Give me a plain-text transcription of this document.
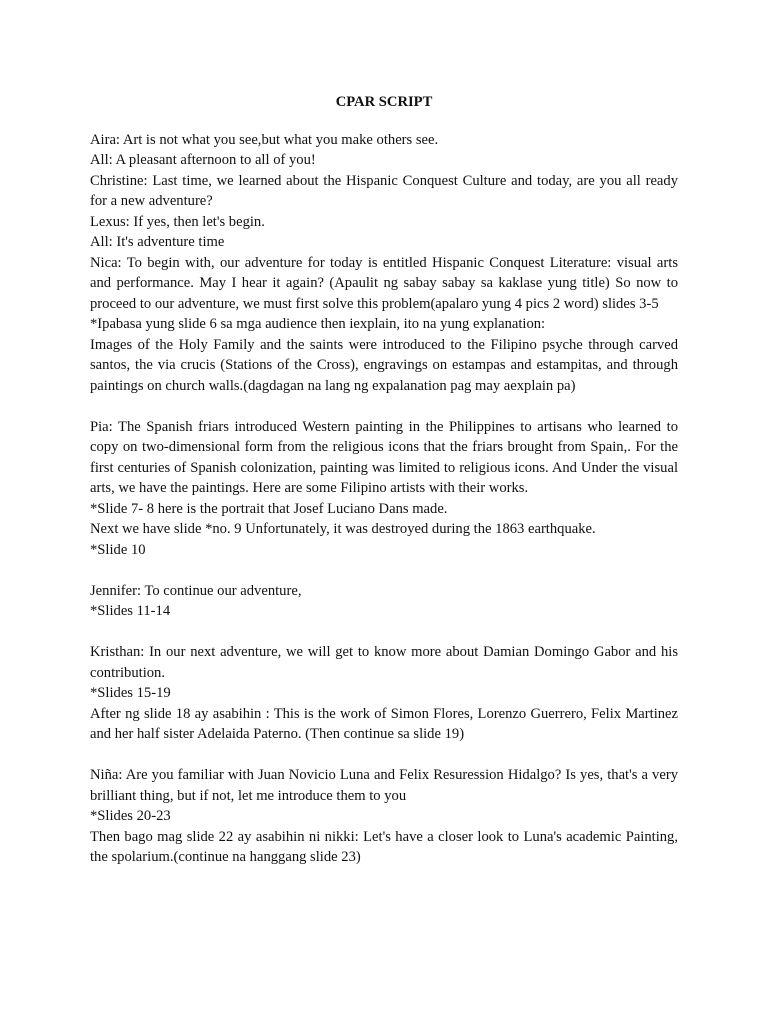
CPAR SCRIPT
Aira: Art is not what you see,but what you make others see.
All: A pleasant afternoon to all of you!
Christine: Last time, we learned about the Hispanic Conquest Culture and today, are you all ready for a new adventure?
Lexus: If yes, then let's begin.
All: It's adventure time
Nica: To begin with, our adventure for today is entitled Hispanic Conquest Literature: visual arts and performance. May I hear it again? (Apaulit ng sabay sabay sa kaklase yung title) So now to proceed to our adventure, we must first solve this problem(apalaro yung 4 pics 2 word) slides 3-5
*Ipabasa yung slide 6 sa mga audience then iexplain, ito na yung explanation:
Images of the Holy Family and the saints were introduced to the Filipino psyche through carved santos, the via crucis (Stations of the Cross), engravings on estampas and estampitas, and through paintings on church walls.(dagdagan na lang ng expalanation pag may aexplain pa)
Pia: The Spanish friars introduced Western painting in the Philippines to artisans who learned to copy on two-dimensional form from the religious icons that the friars brought from Spain,. For the first centuries of Spanish colonization, painting was limited to religious icons. And Under the visual arts, we have the paintings. Here are some Filipino artists with their works.
*Slide 7- 8 here is the portrait that Josef Luciano Dans made.
Next we have slide *no. 9 Unfortunately, it was destroyed during the 1863 earthquake.
*Slide 10
Jennifer: To continue our adventure,
*Slides 11-14
Kristhan: In our next adventure, we will get to know more about Damian Domingo Gabor and his contribution.
*Slides 15-19
After ng slide 18 ay asabihin : This is the work of Simon Flores, Lorenzo Guerrero, Felix Martinez and her half sister Adelaida Paterno. (Then continue sa slide 19)
Niña: Are you familiar with Juan Novicio Luna and Felix Resuression Hidalgo? Is yes, that's a very brilliant thing, but if not, let me introduce them to you
*Slides 20-23
Then bago mag slide 22 ay asabihin ni nikki: Let's have a closer look to Luna's academic Painting, the spolarium.(continue na hanggang slide 23)
